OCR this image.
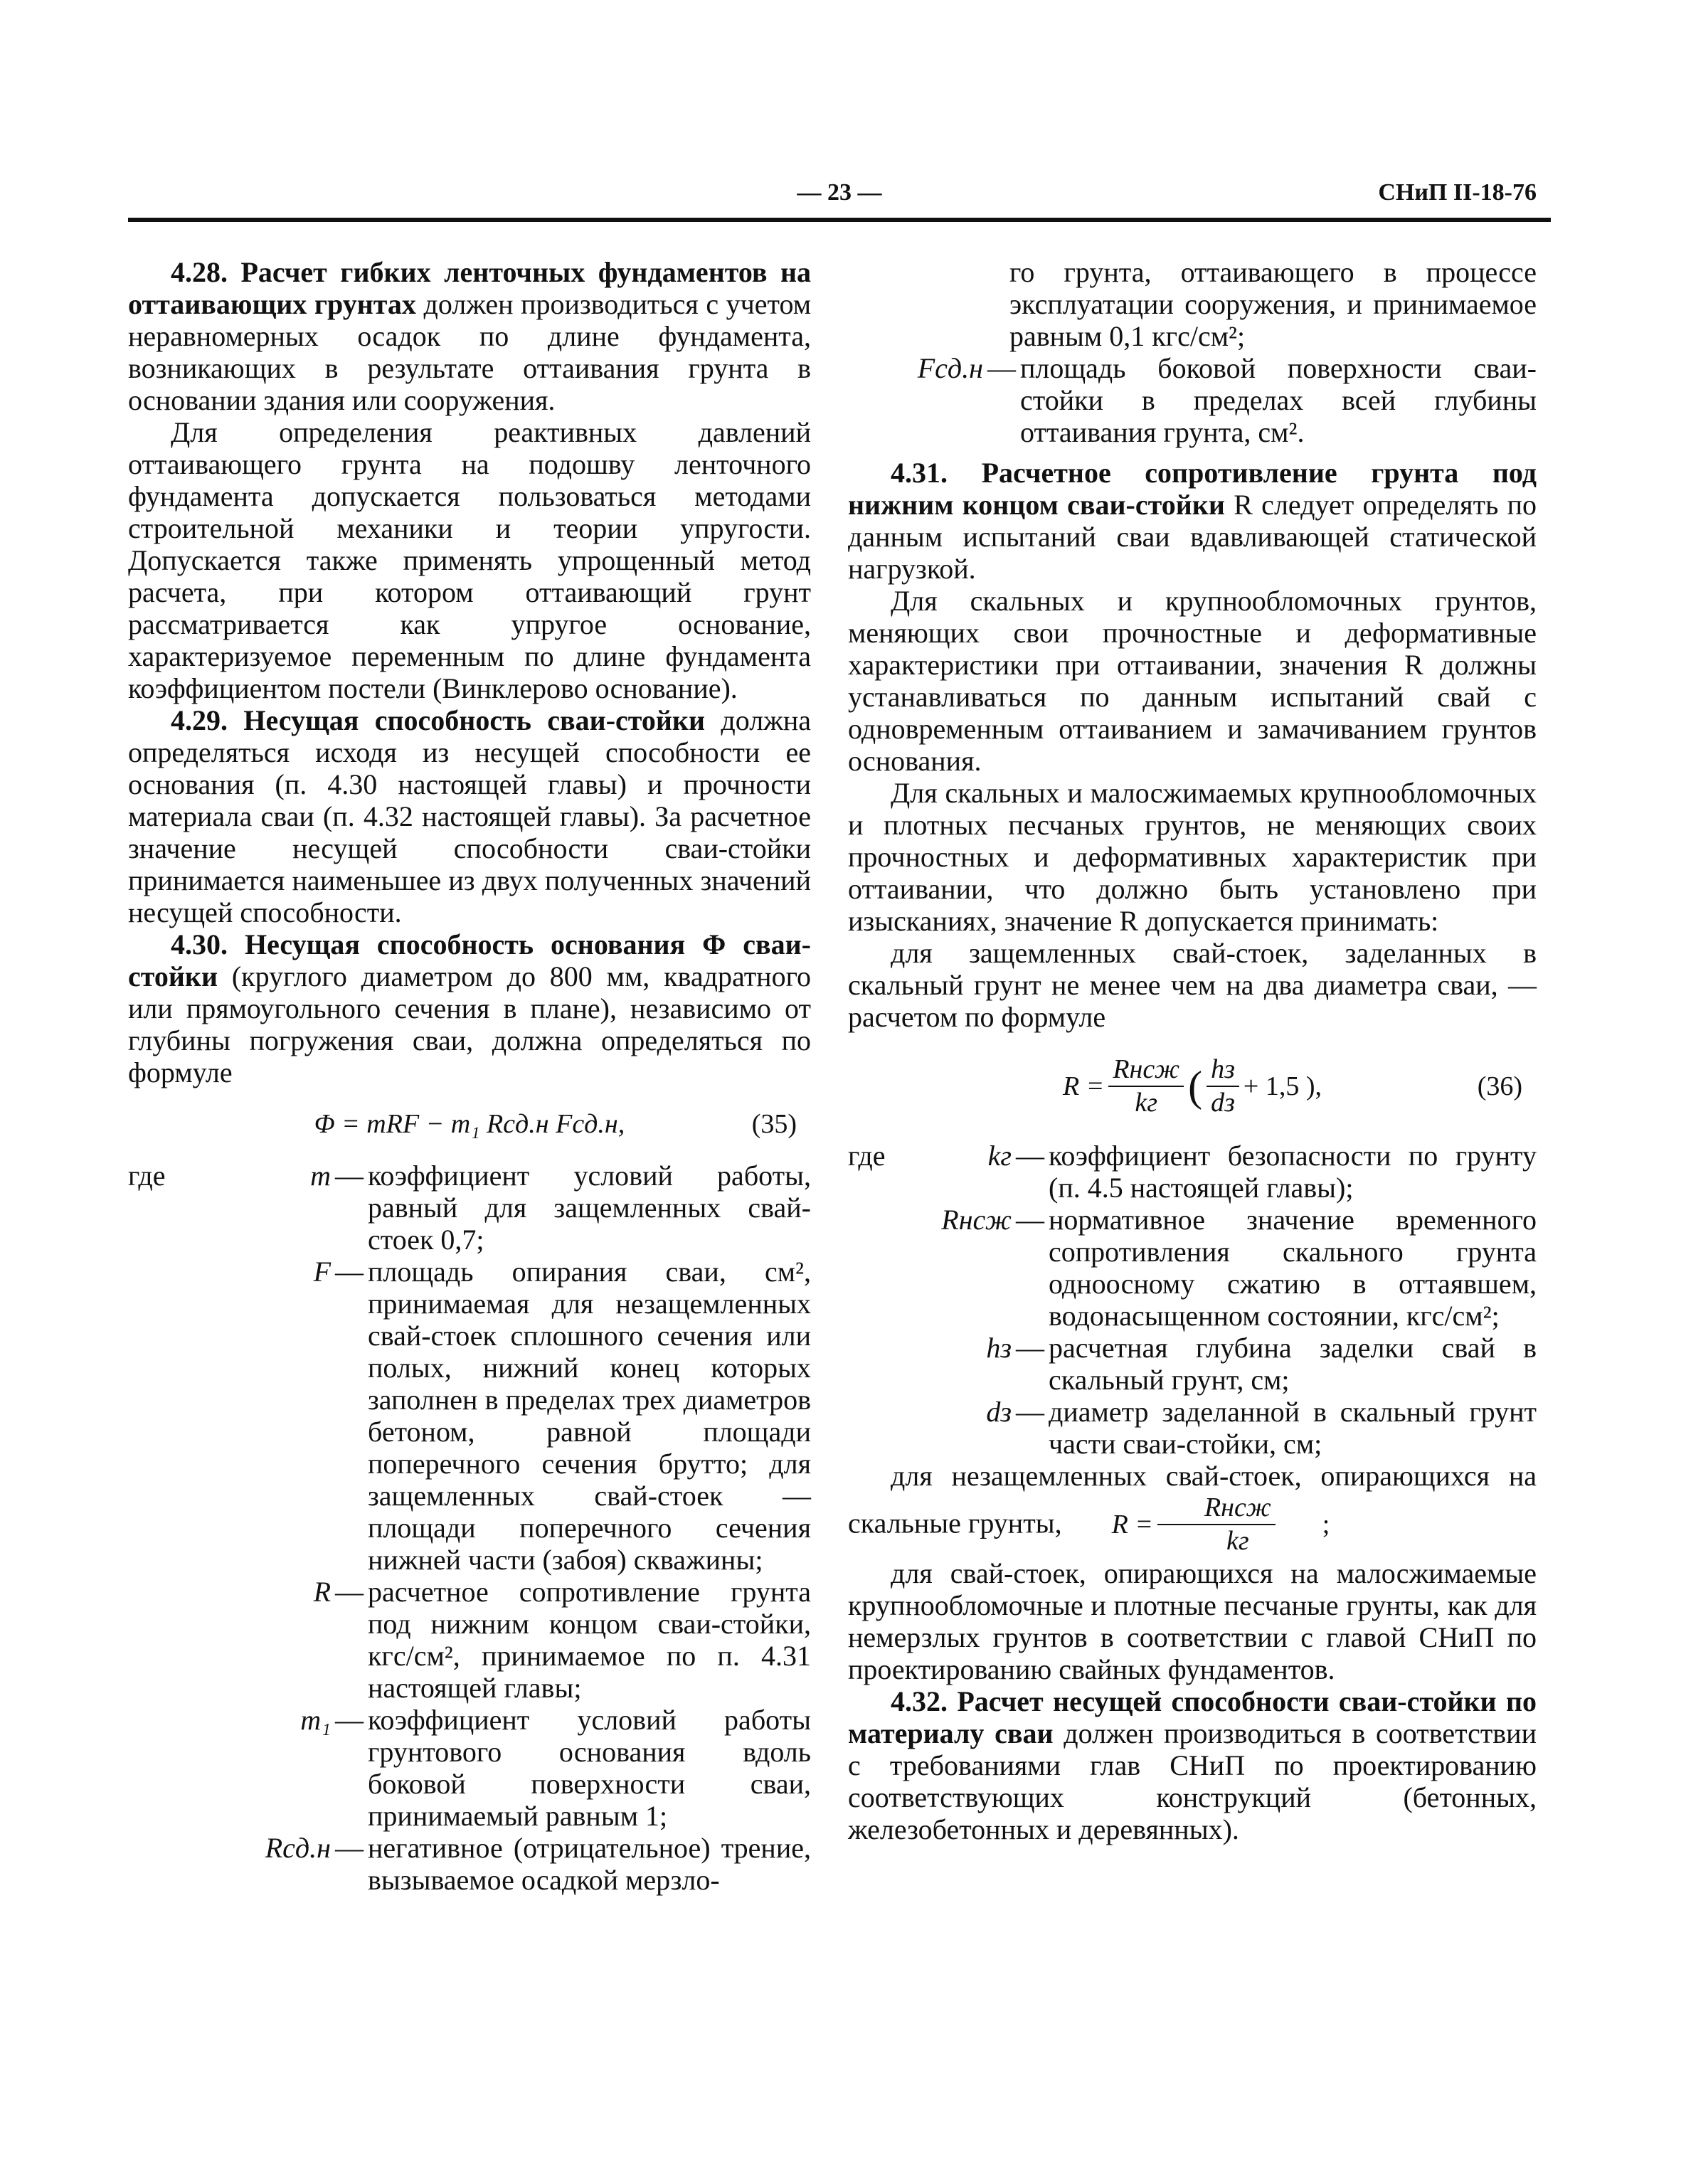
— 23 —	СНиП II-18-76

4.28. Расчет гибких ленточных фундаментов на оттаивающих грунтах должен производиться с учетом неравномерных осадок по длине фундамента, возникающих в результате оттаивания грунта в основании здания или сооружения.

Для определения реактивных давлений оттаивающего грунта на подошву ленточного фундамента допускается пользоваться методами строительной механики и теории упругости. Допускается также применять упрощенный метод расчета, при котором оттаивающий грунт рассматривается как упругое основание, характеризуемое переменным по длине фундамента коэффициентом постели (Винклерово основание).

4.29. Несущая способность сваи-стойки должна определяться исходя из несущей способности ее основания (п. 4.30 настоящей главы) и прочности материала сваи (п. 4.32 настоящей главы). За расчетное значение несущей способности сваи-стойки принимается наименьшее из двух полученных значений несущей способности.

4.30. Несущая способность основания Φ сваи-стойки (круглого диаметром до 800 мм, квадратного или прямоугольного сечения в плане), независимо от глубины погружения сваи, должна определяться по формуле

Φ = mRF − m₁ Rсд.н Fсд.н,	(35)
где	m — коэффициент условий работы, равный для защемленных свай-стоек 0,7;
F — площадь опирания сваи, см², принимаемая для незащемленных свай-стоек сплошного сечения или полых, нижний конец которых заполнен в пределах трех диаметров бетоном, равной площади поперечного сечения брутто; для защемленных свай-стоек — площади поперечного сечения нижней части (забоя) скважины;
R — расчетное сопротивление грунта под нижним концом сваи-стойки, кгс/см², принимаемое по п. 4.31 настоящей главы;
m₁ — коэффициент условий работы грунтового основания вдоль боковой поверхности сваи, принимаемый равным 1;
Rсд.н — негативное (отрицательное) трение, вызываемое осадкой мерзло-
го грунта, оттаивающего в процессе эксплуатации сооружения, и принимаемое равным 0,1 кгс/см²;
Fсд.н — площадь боковой поверхности сваи-стойки в пределах всей глубины оттаивания грунта, см².

4.31. Расчетное сопротивление грунта под нижним концом сваи-стойки R следует определять по данным испытаний сваи вдавливающей статической нагрузкой.

Для скальных и крупнообломочных грунтов, меняющих свои прочностные и деформативные характеристики при оттаивании, значения R должны устанавливаться по данным испытаний свай с одновременным оттаиванием и замачиванием грунтов основания.

Для скальных и малосжимаемых крупнообломочных и плотных песчаных грунтов, не меняющих своих прочностных и деформативных характеристик при оттаивании, что должно быть установлено при изысканиях, значение R допускается принимать:

для защемленных свай-стоек, заделанных в скальный грунт не менее чем на два диаметра сваи, — расчетом по формуле

$R = \frac{\text{Rнсж}}{kг}$ ( $\frac{hз}{dз} + 1,5$ ),	(36)
где	kг — коэффициент безопасности по грунту (п. 4.5 настоящей главы);
Rнсж — нормативное значение временного сопротивления скального грунта одноосному сжатию в оттаявшем, водонасыщенном состоянии, кгс/см²;
hз — расчетная глубина заделки свай в скальный грунт, см;
dз — диаметр заделанной в скальный грунт части сваи-стойки, см;

для незащемленных свай-стоек, опирающихся на скальные грунты,	$R = \frac{\text{Rнсж}}{kг}$	;

для свай-стоек, опирающихся на малосжимаемые крупнообломочные и плотные песчаные грунты, как для немерзлых грунтов в соответствии с главой СНиП по проектированию свайных фундаментов.

4.32. Расчет несущей способности сваи-стойки по материалу сваи должен производиться в соответствии с требованиями глав СНиП по проектированию соответствующих конструкций (бетонных, железобетонных и деревянных).
